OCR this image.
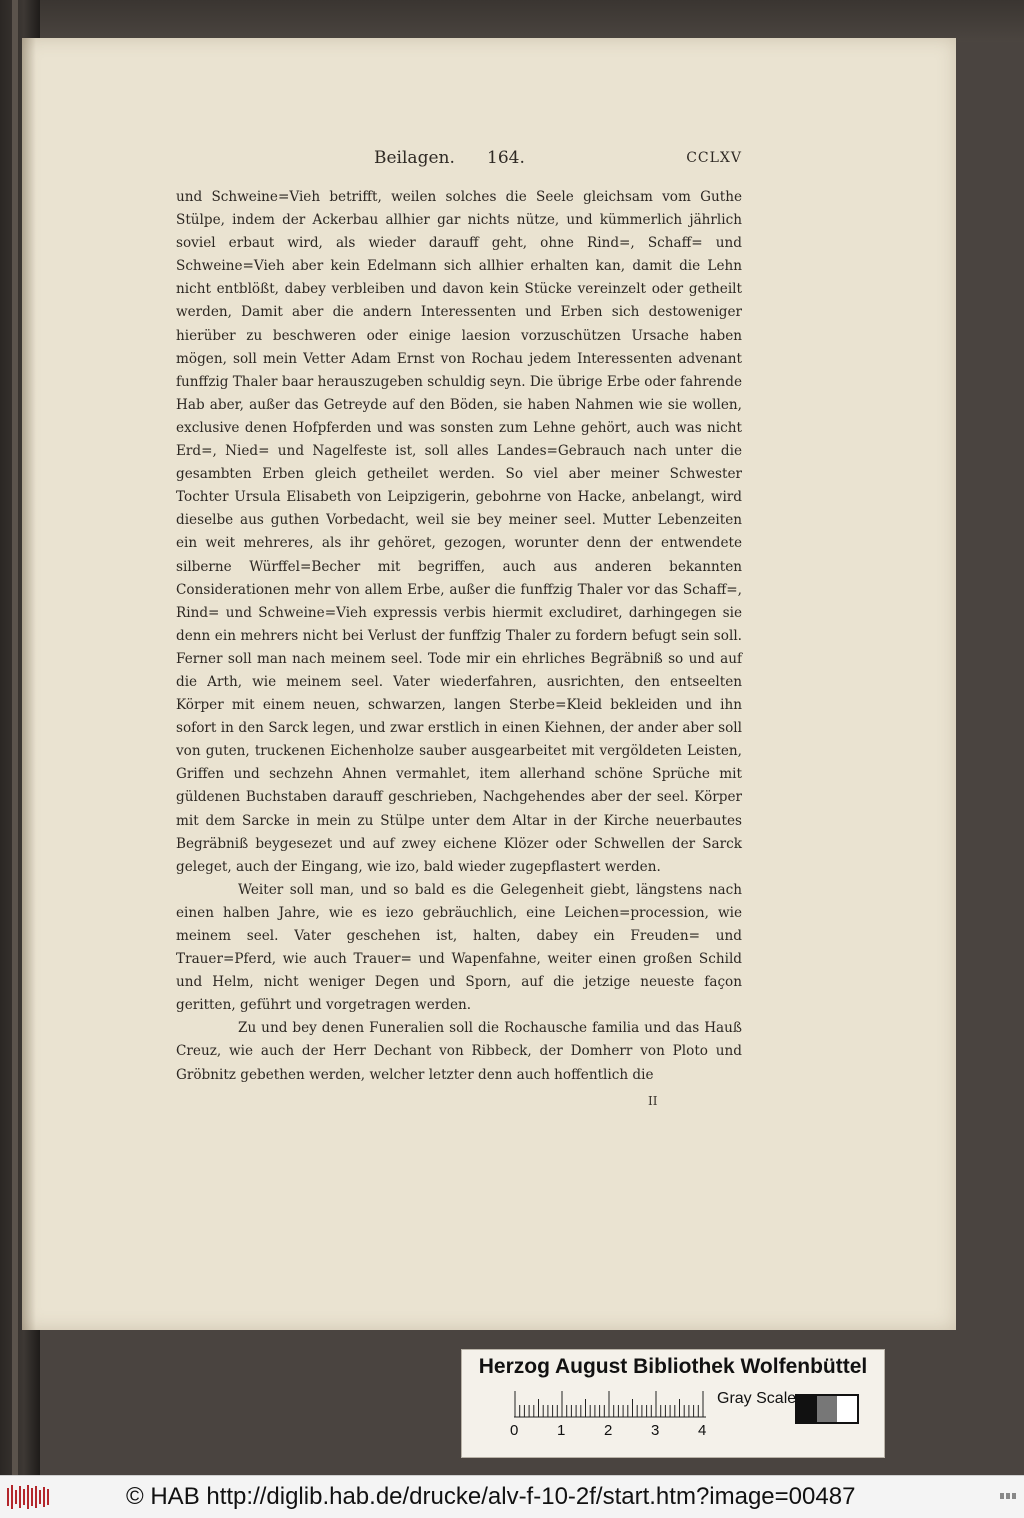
Beilagen. 164.	CCLXV

und Schweine=Vieh betrifft, weilen solches die Seele gleichsam vom Guthe Stülpe, indem der Ackerbau allhier gar nichts nütze, und kümmerlich jährlich soviel erbaut wird, als wieder darauff geht, ohne Rind=, Schaff= und Schweine=Vieh aber kein Edelmann sich allhier erhalten kan, damit die Lehn nicht entblößt, dabey verbleiben und davon kein Stücke vereinzelt oder getheilt werden, Damit aber die andern Interessenten und Erben sich destoweniger hierüber zu beschweren oder einige laesion vorzuschützen Ursache haben mögen, soll mein Vetter Adam Ernst von Rochau jedem Interessenten advenant funffzig Thaler baar herauszugeben schuldig seyn. Die übrige Erbe oder fahrende Hab aber, außer das Getreyde auf den Böden, sie haben Nahmen wie sie wollen, exclusive denen Hofpferden und was sonsten zum Lehne gehört, auch was nicht Erd=, Nied= und Nagelfeste ist, soll alles Landes=Gebrauch nach unter die gesambten Erben gleich getheilet werden. So viel aber meiner Schwester Tochter Ursula Elisabeth von Leipzigerin, gebohrne von Hacke, anbelangt, wird dieselbe aus guthen Vorbedacht, weil sie bey meiner seel. Mutter Lebenzeiten ein weit mehreres, als ihr gehöret, gezogen, worunter denn der entwendete silberne Würffel=Becher mit begriffen, auch aus anderen bekannten Considerationen mehr von allem Erbe, außer die funffzig Thaler vor das Schaff=, Rind= und Schweine=Vieh expressis verbis hiermit excludiret, darhingegen sie denn ein mehrers nicht bei Verlust der funffzig Thaler zu fordern befugt sein soll. Ferner soll man nach meinem seel. Tode mir ein ehrliches Begräbniß so und auf die Arth, wie meinem seel. Vater wiederfahren, ausrichten, den entseelten Körper mit einem neuen, schwarzen, langen Sterbe=Kleid bekleiden und ihn sofort in den Sarck legen, und zwar erstlich in einen Kiehnen, der ander aber soll von guten, truckenen Eichenholze sauber ausgearbeitet mit vergöldeten Leisten, Griffen und sechzehn Ahnen vermahlet, item allerhand schöne Sprüche mit güldenen Buchstaben darauff geschrieben, Nachgehendes aber der seel. Körper mit dem Sarcke in mein zu Stülpe unter dem Altar in der Kirche neuerbautes Begräbniß beygesezet und auf zwey eichene Klözer oder Schwellen der Sarck geleget, auch der Eingang, wie izo, bald wieder zugepflastert werden.

Weiter soll man, und so bald es die Gelegenheit giebt, längstens nach einen halben Jahre, wie es iezo gebräuchlich, eine Leichen=procession, wie meinem seel. Vater geschehen ist, halten, dabey ein Freuden= und Trauer=Pferd, wie auch Trauer= und Wapenfahne, weiter einen großen Schild und Helm, nicht weniger Degen und Sporn, auf die jetzige neueste façon geritten, geführt und vorgetragen werden.

Zu und bey denen Funeralien soll die Rochausche familia und das Hauß Creuz, wie auch der Herr Dechant von Ribbeck, der Domherr von Ploto und Gröbnitz gebethen werden, welcher letzter denn auch hoffentlich die

II
Herzog August Bibliothek Wolfenbüttel
0	1	2	3	4
Gray Scale
© HAB http://diglib.hab.de/drucke/alv-f-10-2f/start.htm?image=00487
